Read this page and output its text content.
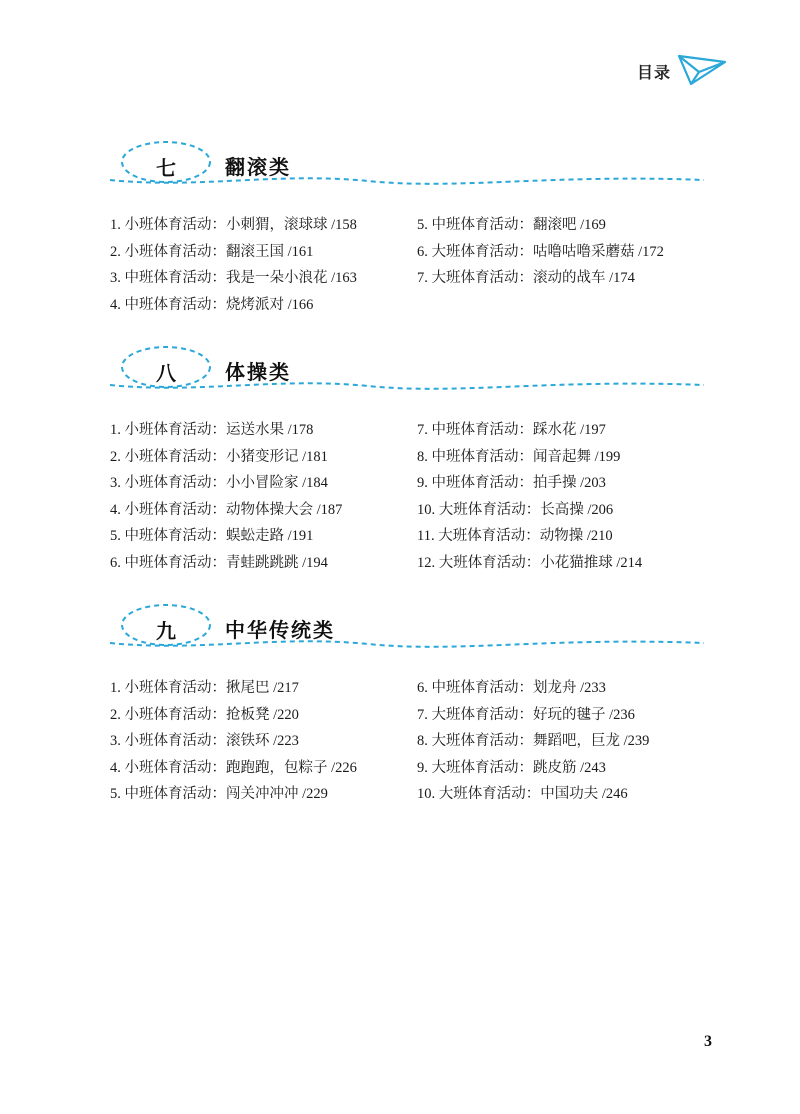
目录
七	翻滚类
1. 小班体育活动：小刺猬，滚球球 /158
2. 小班体育活动：翻滚王国 /161
3. 中班体育活动：我是一朵小浪花 /163
4. 中班体育活动：烧烤派对 /166
5. 中班体育活动：翻滚吧 /169
6. 大班体育活动：咕噜咕噜采蘑菇 /172
7. 大班体育活动：滚动的战车 /174
八	体操类
1. 小班体育活动：运送水果 /178
2. 小班体育活动：小猪变形记 /181
3. 小班体育活动：小小冒险家 /184
4. 小班体育活动：动物体操大会 /187
5. 中班体育活动：蜈蚣走路 /191
6. 中班体育活动：青蛙跳跳跳 /194
7. 中班体育活动：踩水花 /197
8. 中班体育活动：闻音起舞 /199
9. 中班体育活动：拍手操 /203
10. 大班体育活动：长高操 /206
11. 大班体育活动：动物操 /210
12. 大班体育活动：小花猫推球 /214
九	中华传统类
1. 小班体育活动：揪尾巴 /217
2. 小班体育活动：抢板凳 /220
3. 小班体育活动：滚铁环 /223
4. 小班体育活动：跑跑跑，包粽子 /226
5. 中班体育活动：闯关冲冲冲 /229
6. 中班体育活动：划龙舟 /233
7. 大班体育活动：好玩的毽子 /236
8. 大班体育活动：舞蹈吧，巨龙 /239
9. 大班体育活动：跳皮筋 /243
10. 大班体育活动：中国功夫 /246
3
